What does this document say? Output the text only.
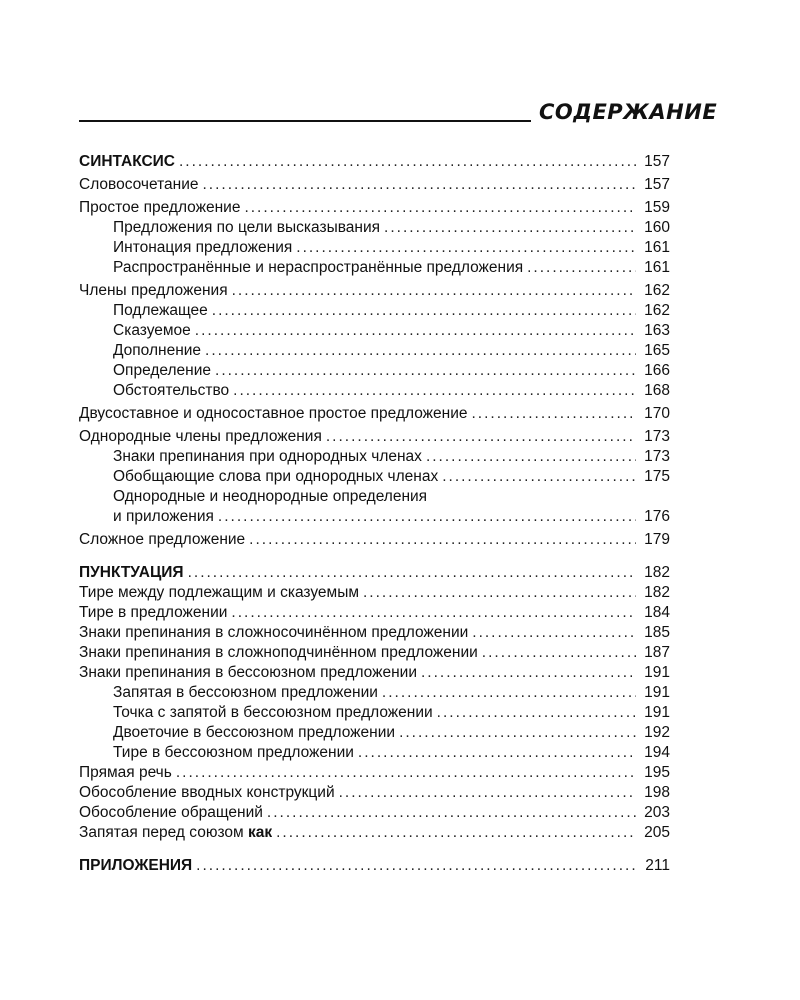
СОДЕРЖАНИЕ
СИНТАКСИС .....	157
Словосочетание .....	157
Простое предложение .....	159
Предложения по цели высказывания .....	160
Интонация предложения .....	161
Распространённые и нераспространённые предложения .....	161
Члены предложения .....	162
Подлежащее .....	162
Сказуемое .....	163
Дополнение .....	165
Определение .....	166
Обстоятельство .....	168
Двусоставное и односоставное простое предложение .....	170
Однородные члены предложения .....	173
Знаки препинания при однородных членах .....	173
Обобщающие слова при однородных членах .....	175
Однородные и неоднородные определения
и приложения .....	176
Сложное предложение .....	179
ПУНКТУАЦИЯ .....	182
Тире между подлежащим и сказуемым .....	182
Тире в предложении .....	184
Знаки препинания в сложносочинённом предложении .....	185
Знаки препинания в сложноподчинённом предложении .....	187
Знаки препинания в бессоюзном предложении .....	191
Запятая в бессоюзном предложении .....	191
Точка с запятой в бессоюзном предложении .....	191
Двоеточие в бессоюзном предложении .....	192
Тире в бессоюзном предложении .....	194
Прямая речь .....	195
Обособление вводных конструкций .....	198
Обособление обращений .....	203
Запятая перед союзом как .....	205
ПРИЛОЖЕНИЯ .....	211
